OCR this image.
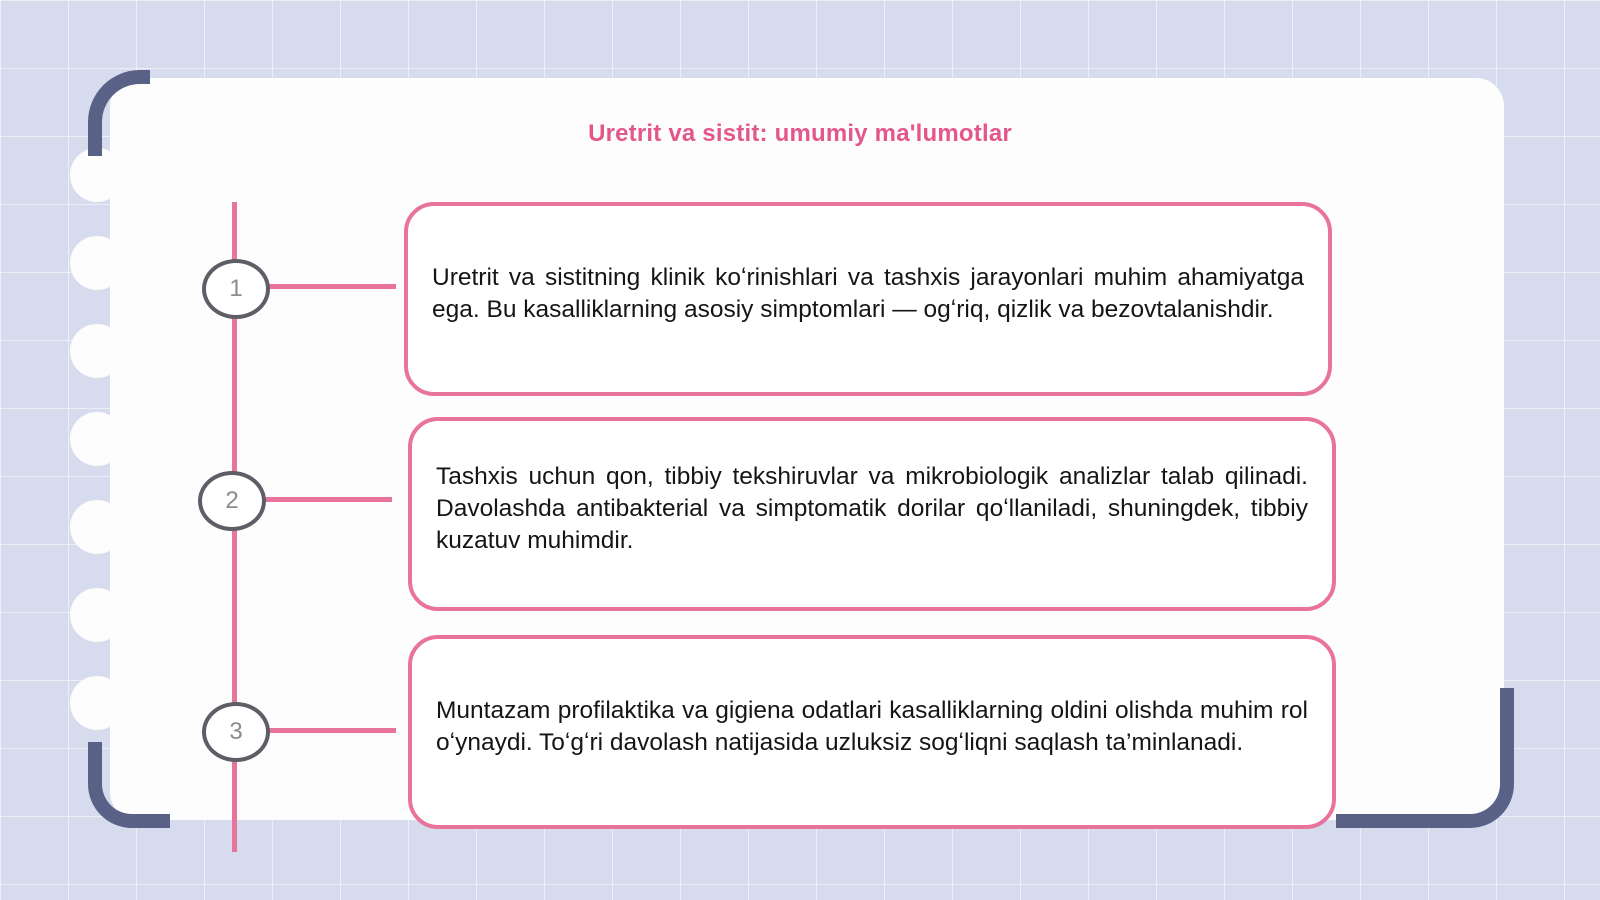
Uretrit va sistit: umumiy ma'lumotlar
1
2
3

Uretrit va sistitning klinik koʻrinishlari va tashxis jarayonlari muhim ahamiyatga ega. Bu kasalliklarning asosiy simptomlari — ogʻriq, qizlik va bezovtalanishdir.

Tashxis uchun qon, tibbiy tekshiruvlar va mikrobiologik analizlar talab qilinadi. Davolashda antibakterial va simptomatik dorilar qoʻllaniladi, shuningdek, tibbiy kuzatuv muhimdir.

Muntazam profilaktika va gigiena odatlari kasalliklarning oldini olishda muhim rol oʻynaydi. Toʻgʻri davolash natijasida uzluksiz sogʻliqni saqlash ta’minlanadi.
